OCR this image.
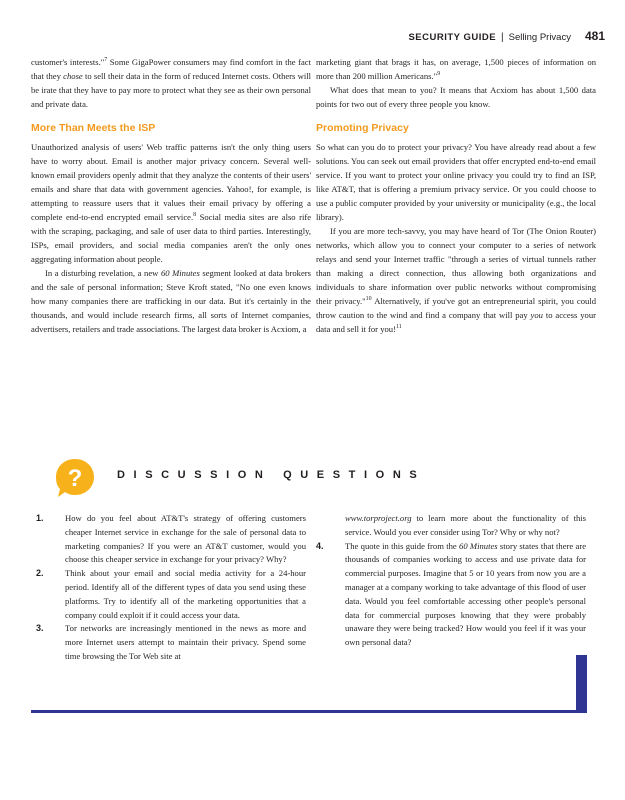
SECURITY GUIDE | Selling Privacy 481

customer's interests."$^7$ Some GigaPower consumers may find comfort in the fact that they chose to sell their data in the form of reduced Internet costs. Others will be irate that they have to pay more to protect what they see as their own personal and private data.

More Than Meets the ISP

Unauthorized analysis of users' Web traffic patterns isn't the only thing users have to worry about. Email is another major privacy concern. Several well-known email providers openly admit that they analyze the contents of their users' emails and share that data with government agencies. Yahoo!, for example, is attempting to reassure users that it values their email privacy by offering a complete end-to-end encrypted email service.$^8$ Social media sites are also rife with the scraping, packaging, and sale of user data to third parties. Interestingly, ISPs, email providers, and social media companies aren't the only ones aggregating information about people.

In a disturbing revelation, a new 60 Minutes segment looked at data brokers and the sale of personal information; Steve Kroft stated, "No one even knows how many companies there are trafficking in our data. But it's certainly in the thousands, and would include research firms, all sorts of Internet companies, advertisers, retailers and trade associations. The largest data broker is Acxiom, a

marketing giant that brags it has, on average, 1,500 pieces of information on more than 200 million Americans."$^9$

What does that mean to you? It means that Acxiom has about 1,500 data points for two out of every three people you know.

Promoting Privacy

So what can you do to protect your privacy? You have already read about a few solutions. You can seek out email providers that offer encrypted end-to-end email service. If you want to protect your online privacy you could try to find an ISP, like AT&T, that is offering a premium privacy service. Or you could choose to use a public computer provided by your university or municipality (e.g., the local library).

If you are more tech-savvy, you may have heard of Tor (The Onion Router) networks, which allow you to connect your computer to a series of network relays and send your Internet traffic "through a series of virtual tunnels rather than making a direct connection, thus allowing both organizations and individuals to share information over public networks without compromising their privacy."$^{10}$ Alternatively, if you've got an entrepreneurial spirit, you could throw caution to the wind and find a company that will pay you to access your data and sell it for you!$^{11}$

?	DISCUSSION QUESTIONS
1. How do you feel about AT&T's strategy of offering customers cheaper Internet service in exchange for the sale of personal data to marketing companies? If you were an AT&T customer, would you choose this cheaper service in exchange for your privacy? Why?
2. Think about your email and social media activity for a 24-hour period. Identify all of the different types of data you send using these platforms. Try to identify all of the marketing opportunities that a company could exploit if it could access your data.
3. Tor networks are increasingly mentioned in the news as more and more Internet users attempt to maintain their privacy. Spend some time browsing the Tor Web site at
www.torproject.org to learn more about the functionality of this service. Would you ever consider using Tor? Why or why not?
4. The quote in this guide from the 60 Minutes story states that there are thousands of companies working to access and use private data for commercial purposes. Imagine that 5 or 10 years from now you are a manager at a company working to take advantage of this flood of user data. Would you feel comfortable accessing other people's personal data for commercial purposes knowing that they were probably unaware they were being tracked? How would you feel if it was your own personal data?
